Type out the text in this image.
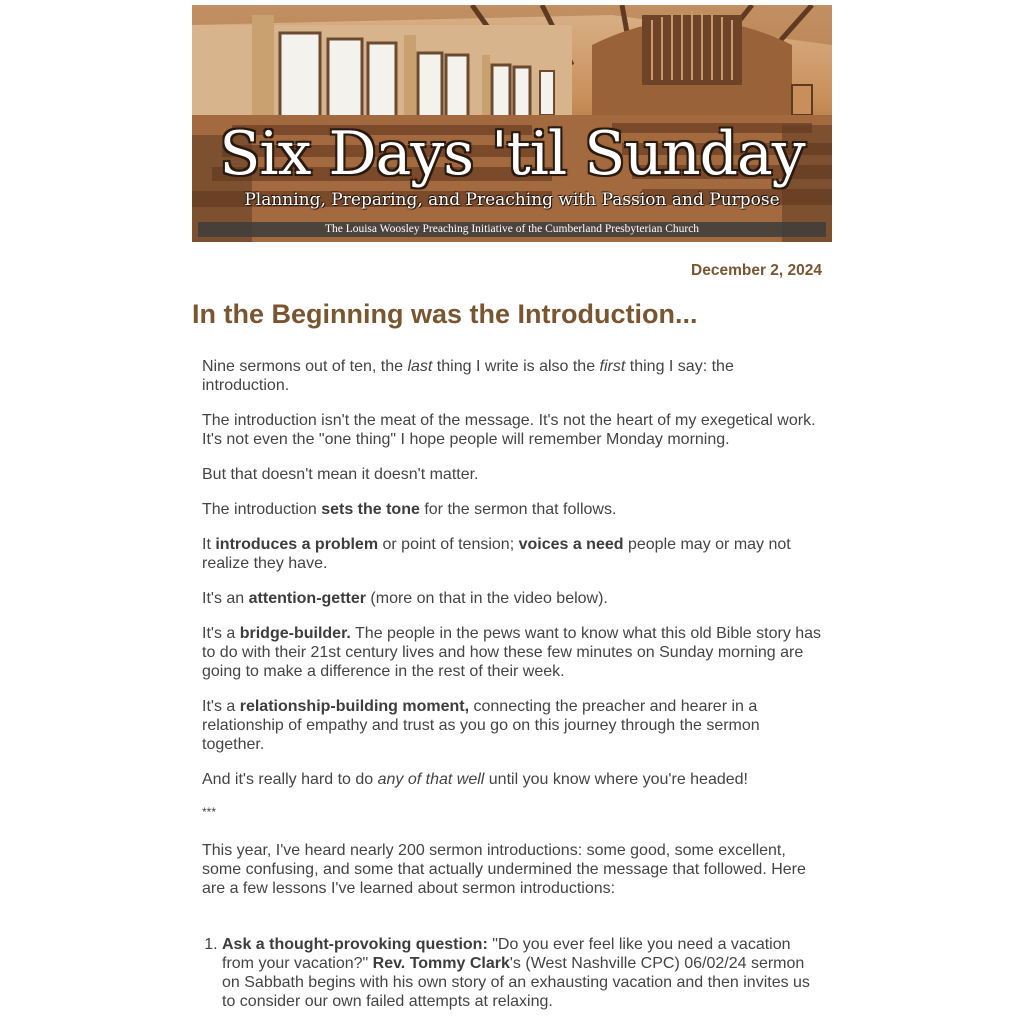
Six Days 'til Sunday
Planning, Preparing, and Preaching with Passion and Purpose
The Louisa Woosley Preaching Initiative of the Cumberland Presbyterian Church
December 2, 2024
In the Beginning was the Introduction...

Nine sermons out of ten, the last thing I write is also the first thing I say: the introduction.

The introduction isn't the meat of the message. It's not the heart of my exegetical work. It's not even the "one thing" I hope people will remember Monday morning.

But that doesn't mean it doesn't matter.

The introduction sets the tone for the sermon that follows.

It introduces a problem or point of tension; voices a need people may or may not realize they have.

It's an attention-getter (more on that in the video below).

It's a bridge-builder. The people in the pews want to know what this old Bible story has to do with their 21st century lives and how these few minutes on Sunday morning are going to make a difference in the rest of their week.

It's a relationship-building moment, connecting the preacher and hearer in a relationship of empathy and trust as you go on this journey through the sermon together.

And it's really hard to do any of that well until you know where you're headed!

***

This year, I've heard nearly 200 sermon introductions: some good, some excellent, some confusing, and some that actually undermined the message that followed. Here are a few lessons I've learned about sermon introductions:

1. Ask a thought-provoking question: "Do you ever feel like you need a vacation from your vacation?" Rev. Tommy Clark's (West Nashville CPC) 06/02/24 sermon on Sabbath begins with his own story of an exhausting vacation and then invites us to consider our own failed attempts at relaxing.
